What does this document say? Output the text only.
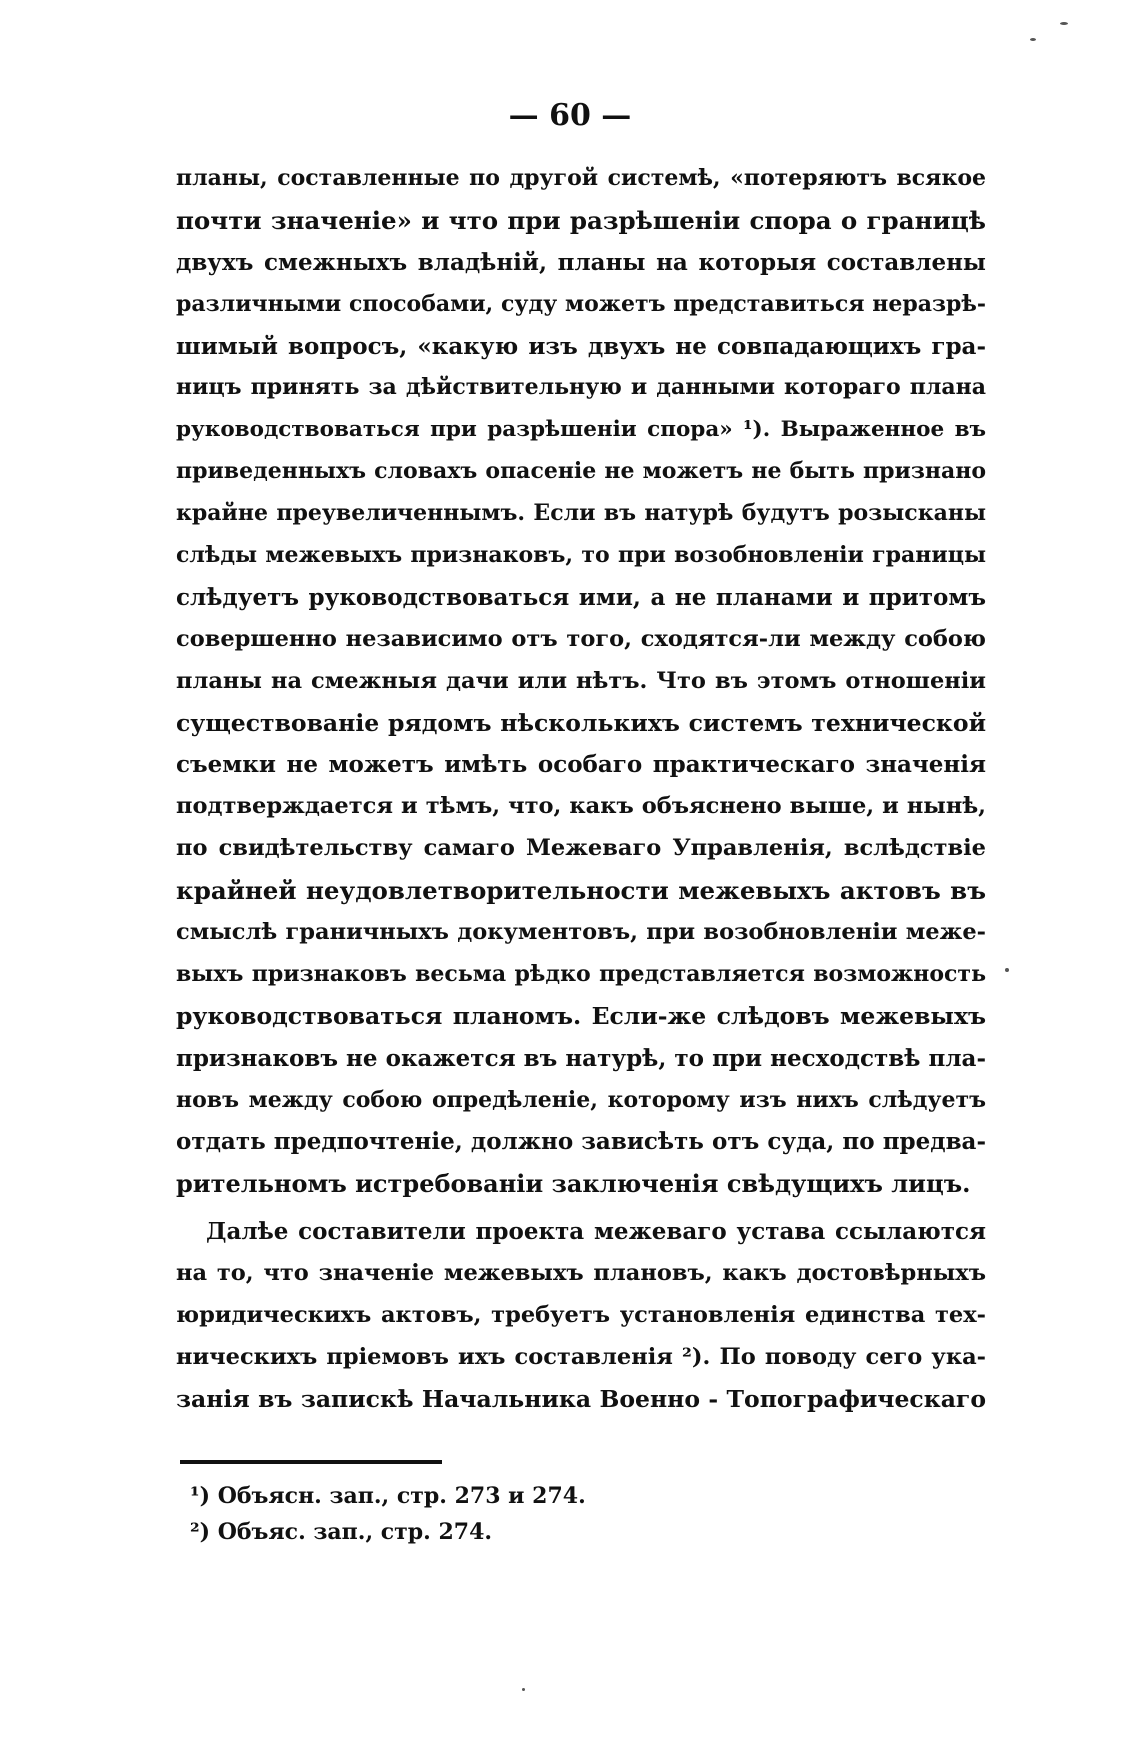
— 60 —
планы, составленные по другой системѣ, «потеряютъ всякое
почти значеніе» и что при разрѣшеніи спора о границѣ
двухъ смежныхъ владѣній, планы на которыя составлены
различными способами, суду можетъ представиться неразрѣ-
шимый вопросъ, «какую изъ двухъ не совпадающихъ гра-
ницъ принять за дѣйствительную и данными котораго плана
руководствоваться при разрѣшеніи спора» ¹). Выраженное въ
приведенныхъ словахъ опасеніе не можетъ не быть признано
крайне преувеличеннымъ. Если въ натурѣ будутъ розысканы
слѣды межевыхъ признаковъ, то при возобновленіи границы
слѣдуетъ руководствоваться ими, а не планами и притомъ
совершенно независимо отъ того, сходятся-ли между собою
планы на смежныя дачи или нѣтъ. Что въ этомъ отношеніи
существованіе рядомъ нѣсколькихъ системъ технической
съемки не можетъ имѣть особаго практическаго значенія
подтверждается и тѣмъ, что, какъ объяснено выше, и нынѣ,
по свидѣтельству самаго Межеваго Управленія, вслѣдствіе
крайней неудовлетворительности межевыхъ актовъ въ
смыслѣ граничныхъ документовъ, при возобновленіи меже-
выхъ признаковъ весьма рѣдко представляется возможность
руководствоваться планомъ. Если-же слѣдовъ межевыхъ
признаковъ не окажется въ натурѣ, то при несходствѣ пла-
новъ между собою опредѣленіе, которому изъ нихъ слѣдуетъ
отдать предпочтеніе, должно зависѣть отъ суда, по предва-
рительномъ истребованіи заключенія свѣдущихъ лицъ.
Далѣе составители проекта межеваго устава ссылаются
на то, что значеніе межевыхъ плановъ, какъ достовѣрныхъ
юридическихъ актовъ, требуетъ установленія единства тех-
ническихъ пріемовъ ихъ составленія ²). По поводу сего ука-
занія въ запискѣ Начальника Военно - Топографическаго
¹) Объясн. зап., стр. 273 и 274.
²) Объяс. зап., стр. 274.
